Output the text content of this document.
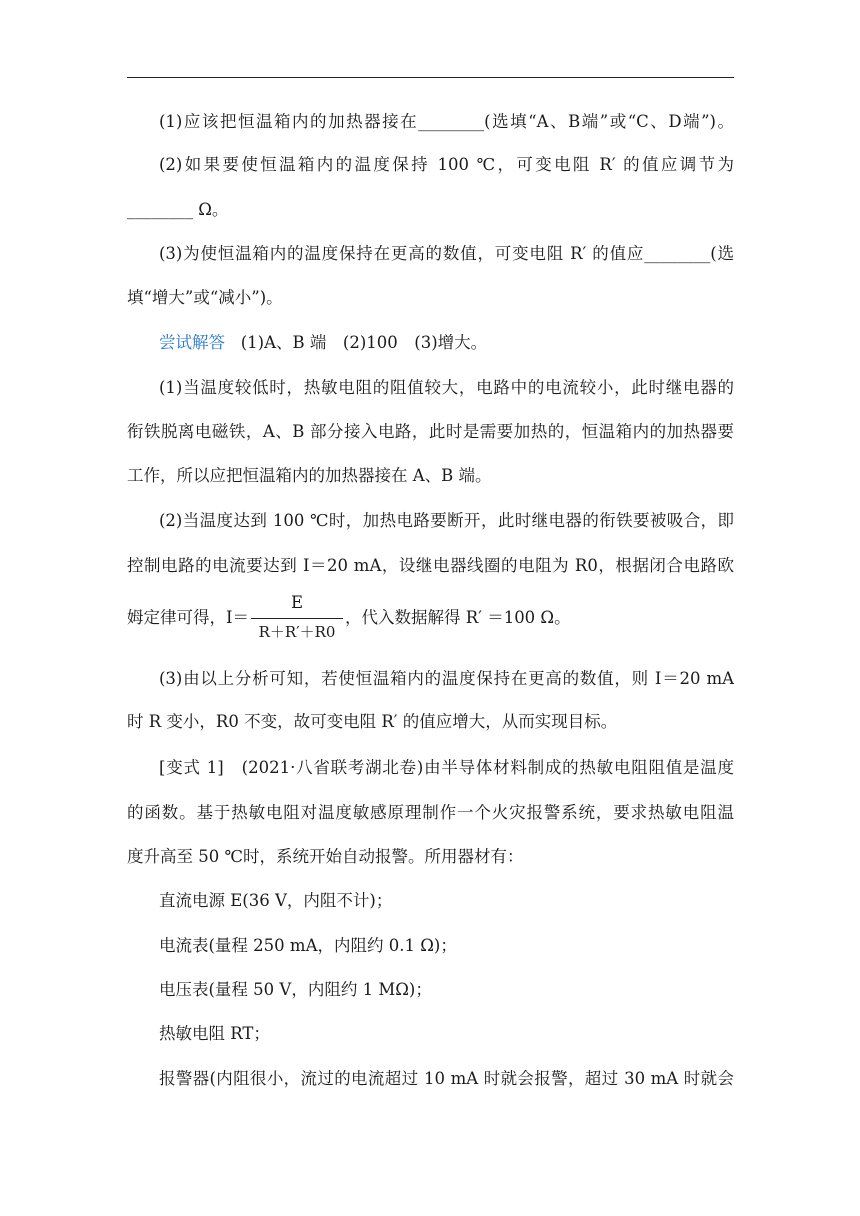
(1)应该把恒温箱内的加热器接在________(选填“A、B端”或“C、D端”)。
(2)如果要使恒温箱内的温度保持 100 ℃，可变电阻 R′ 的值应调节为
________ Ω。
(3)为使恒温箱内的温度保持在更高的数值，可变电阻 R′ 的值应________(选
填“增大”或“减小”)。
尝试解答 (1)A、B 端　(2)100　(3)增大。
(1)当温度较低时，热敏电阻的阻值较大，电路中的电流较小，此时继电器的
衔铁脱离电磁铁，A、B 部分接入电路，此时是需要加热的，恒温箱内的加热器要
工作，所以应把恒温箱内的加热器接在 A、B 端。
(2)当温度达到 100 ℃时，加热电路要断开，此时继电器的衔铁要被吸合，即
控制电路的电流要达到 I＝20 mA，设继电器线圈的电阻为 R0，根据闭合电路欧
姆定律可得，$I= \frac{E}{R+R'+R0}$ ，代入数据解得 R′ ＝100 Ω。
(3)由以上分析可知，若使恒温箱内的温度保持在更高的数值，则 I＝20 mA
时 R 变小，R0 不变，故可变电阻 R′ 的值应增大，从而实现目标。
[变式 1]　(2021·八省联考湖北卷)由半导体材料制成的热敏电阻阻值是温度
的函数。基于热敏电阻对温度敏感原理制作一个火灾报警系统，要求热敏电阻温
度升高至 50 ℃时，系统开始自动报警。所用器材有：
直流电源 E(36 V，内阻不计)；
电流表(量程 250 mA，内阻约 0.1 Ω)；
电压表(量程 50 V，内阻约 1 MΩ)；
热敏电阻 RT；
报警器(内阻很小，流过的电流超过 10 mA 时就会报警，超过 30 mA 时就会
